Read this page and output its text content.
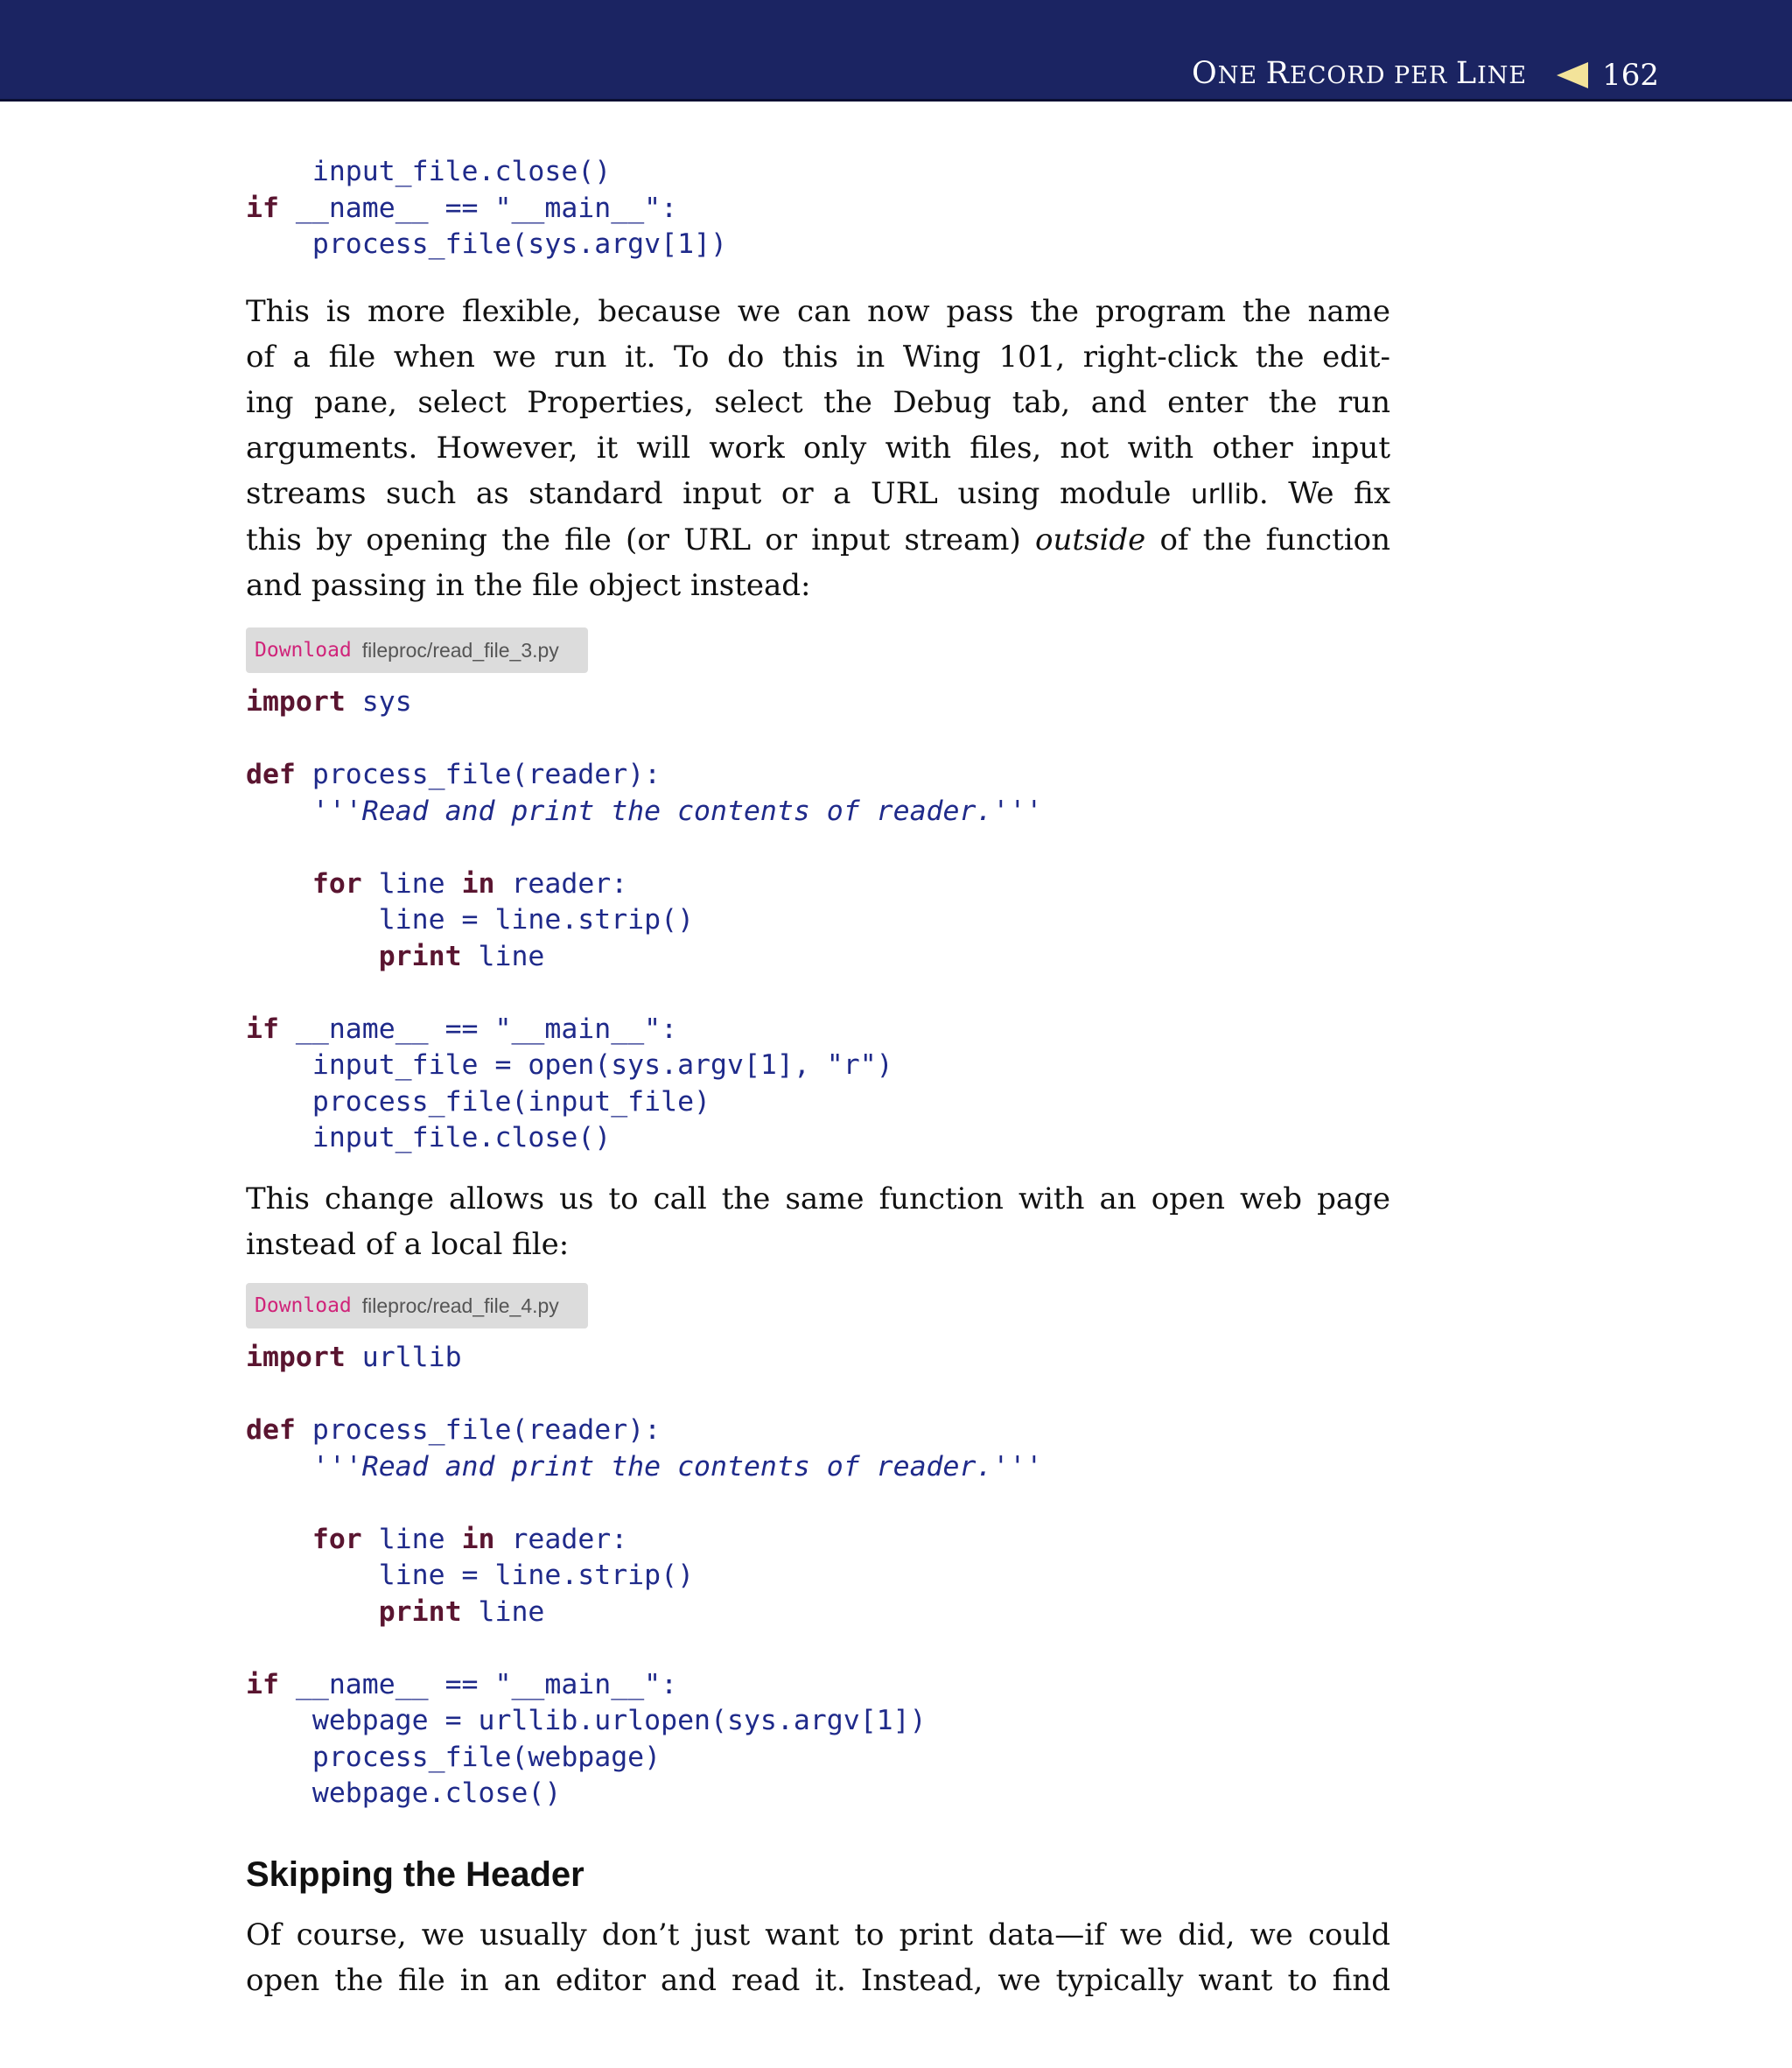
ONE RECORD PER LINE	162
input_file.close()
if __name__ == "__main__":
process_file(sys.argv[1])
This is more flexible, because we can now pass the program the name
of a file when we run it. To do this in Wing 101, right-click the edit-
ing pane, select Properties, select the Debug tab, and enter the run
arguments. However, it will work only with files, not with other input
streams such as standard input or a URL using module urllib. We fix
this by opening the file (or URL or input stream) outside of the function
and passing in the file object instead:
Download fileproc/read_file_3.py
import sys

def process_file(reader):
'''Read and print the contents of reader.'''

for line in reader:
line = line.strip()
print line

if __name__ == "__main__":
input_file = open(sys.argv[1], "r")
process_file(input_file)
input_file.close()
This change allows us to call the same function with an open web page
instead of a local file:
Download fileproc/read_file_4.py
import urllib

def process_file(reader):
'''Read and print the contents of reader.'''

for line in reader:
line = line.strip()
print line

if __name__ == "__main__":
webpage = urllib.urlopen(sys.argv[1])
process_file(webpage)
webpage.close()
Skipping the Header
Of course, we usually don’t just want to print data—if we did, we could
open the file in an editor and read it. Instead, we typically want to find
